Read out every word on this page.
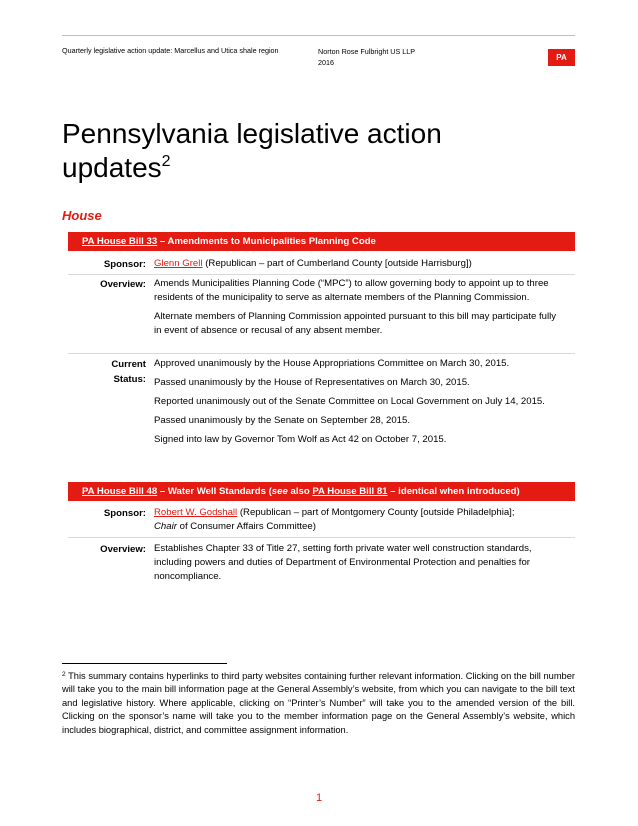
Quarterly legislative action update: Marcellus and Utica shale region	Norton Rose Fulbright US LLP
2016
PA
Pennsylvania legislative action updates$^2$
House
PA House Bill 33 – Amendments to Municipalities Planning Code
Sponsor: Glenn Grell (Republican – part of Cumberland County [outside Harrisburg])
Overview: Amends Municipalities Planning Code (“MPC”) to allow governing body to appoint up to three residents of the municipality to serve as alternate members of the Planning Commission.

Alternate members of Planning Commission appointed pursuant to this bill may participate fully in event of absence or recusal of any absent member.

Current
Status:

Approved unanimously by the House Appropriations Committee on March 30, 2015.

Passed unanimously by the House of Representatives on March 30, 2015.

Reported unanimously out of the Senate Committee on Local Government on July 14, 2015.

Passed unanimously by the Senate on September 28, 2015.

Signed into law by Governor Tom Wolf as Act 42 on October 7, 2015.

PA House Bill 48 – Water Well Standards (see also PA House Bill 81 – identical when introduced)
Sponsor: Robert W. Godshall (Republican – part of Montgomery County [outside Philadelphia];
Chair of Consumer Affairs Committee)
Overview: Establishes Chapter 33 of Title 27, setting forth private water well construction standards, including powers and duties of Department of Environmental Protection and penalties for noncompliance.

$^2$ This summary contains hyperlinks to third party websites containing further relevant information. Clicking on the bill number will take you to the main bill information page at the General Assembly’s website, from which you can navigate to the bill text and legislative history. Where applicable, clicking on “Printer’s Number” will take you to the amended version of the bill. Clicking on the sponsor’s name will take you to the member information page on the General Assembly’s website, which includes biographical, district, and committee assignment information.
1
